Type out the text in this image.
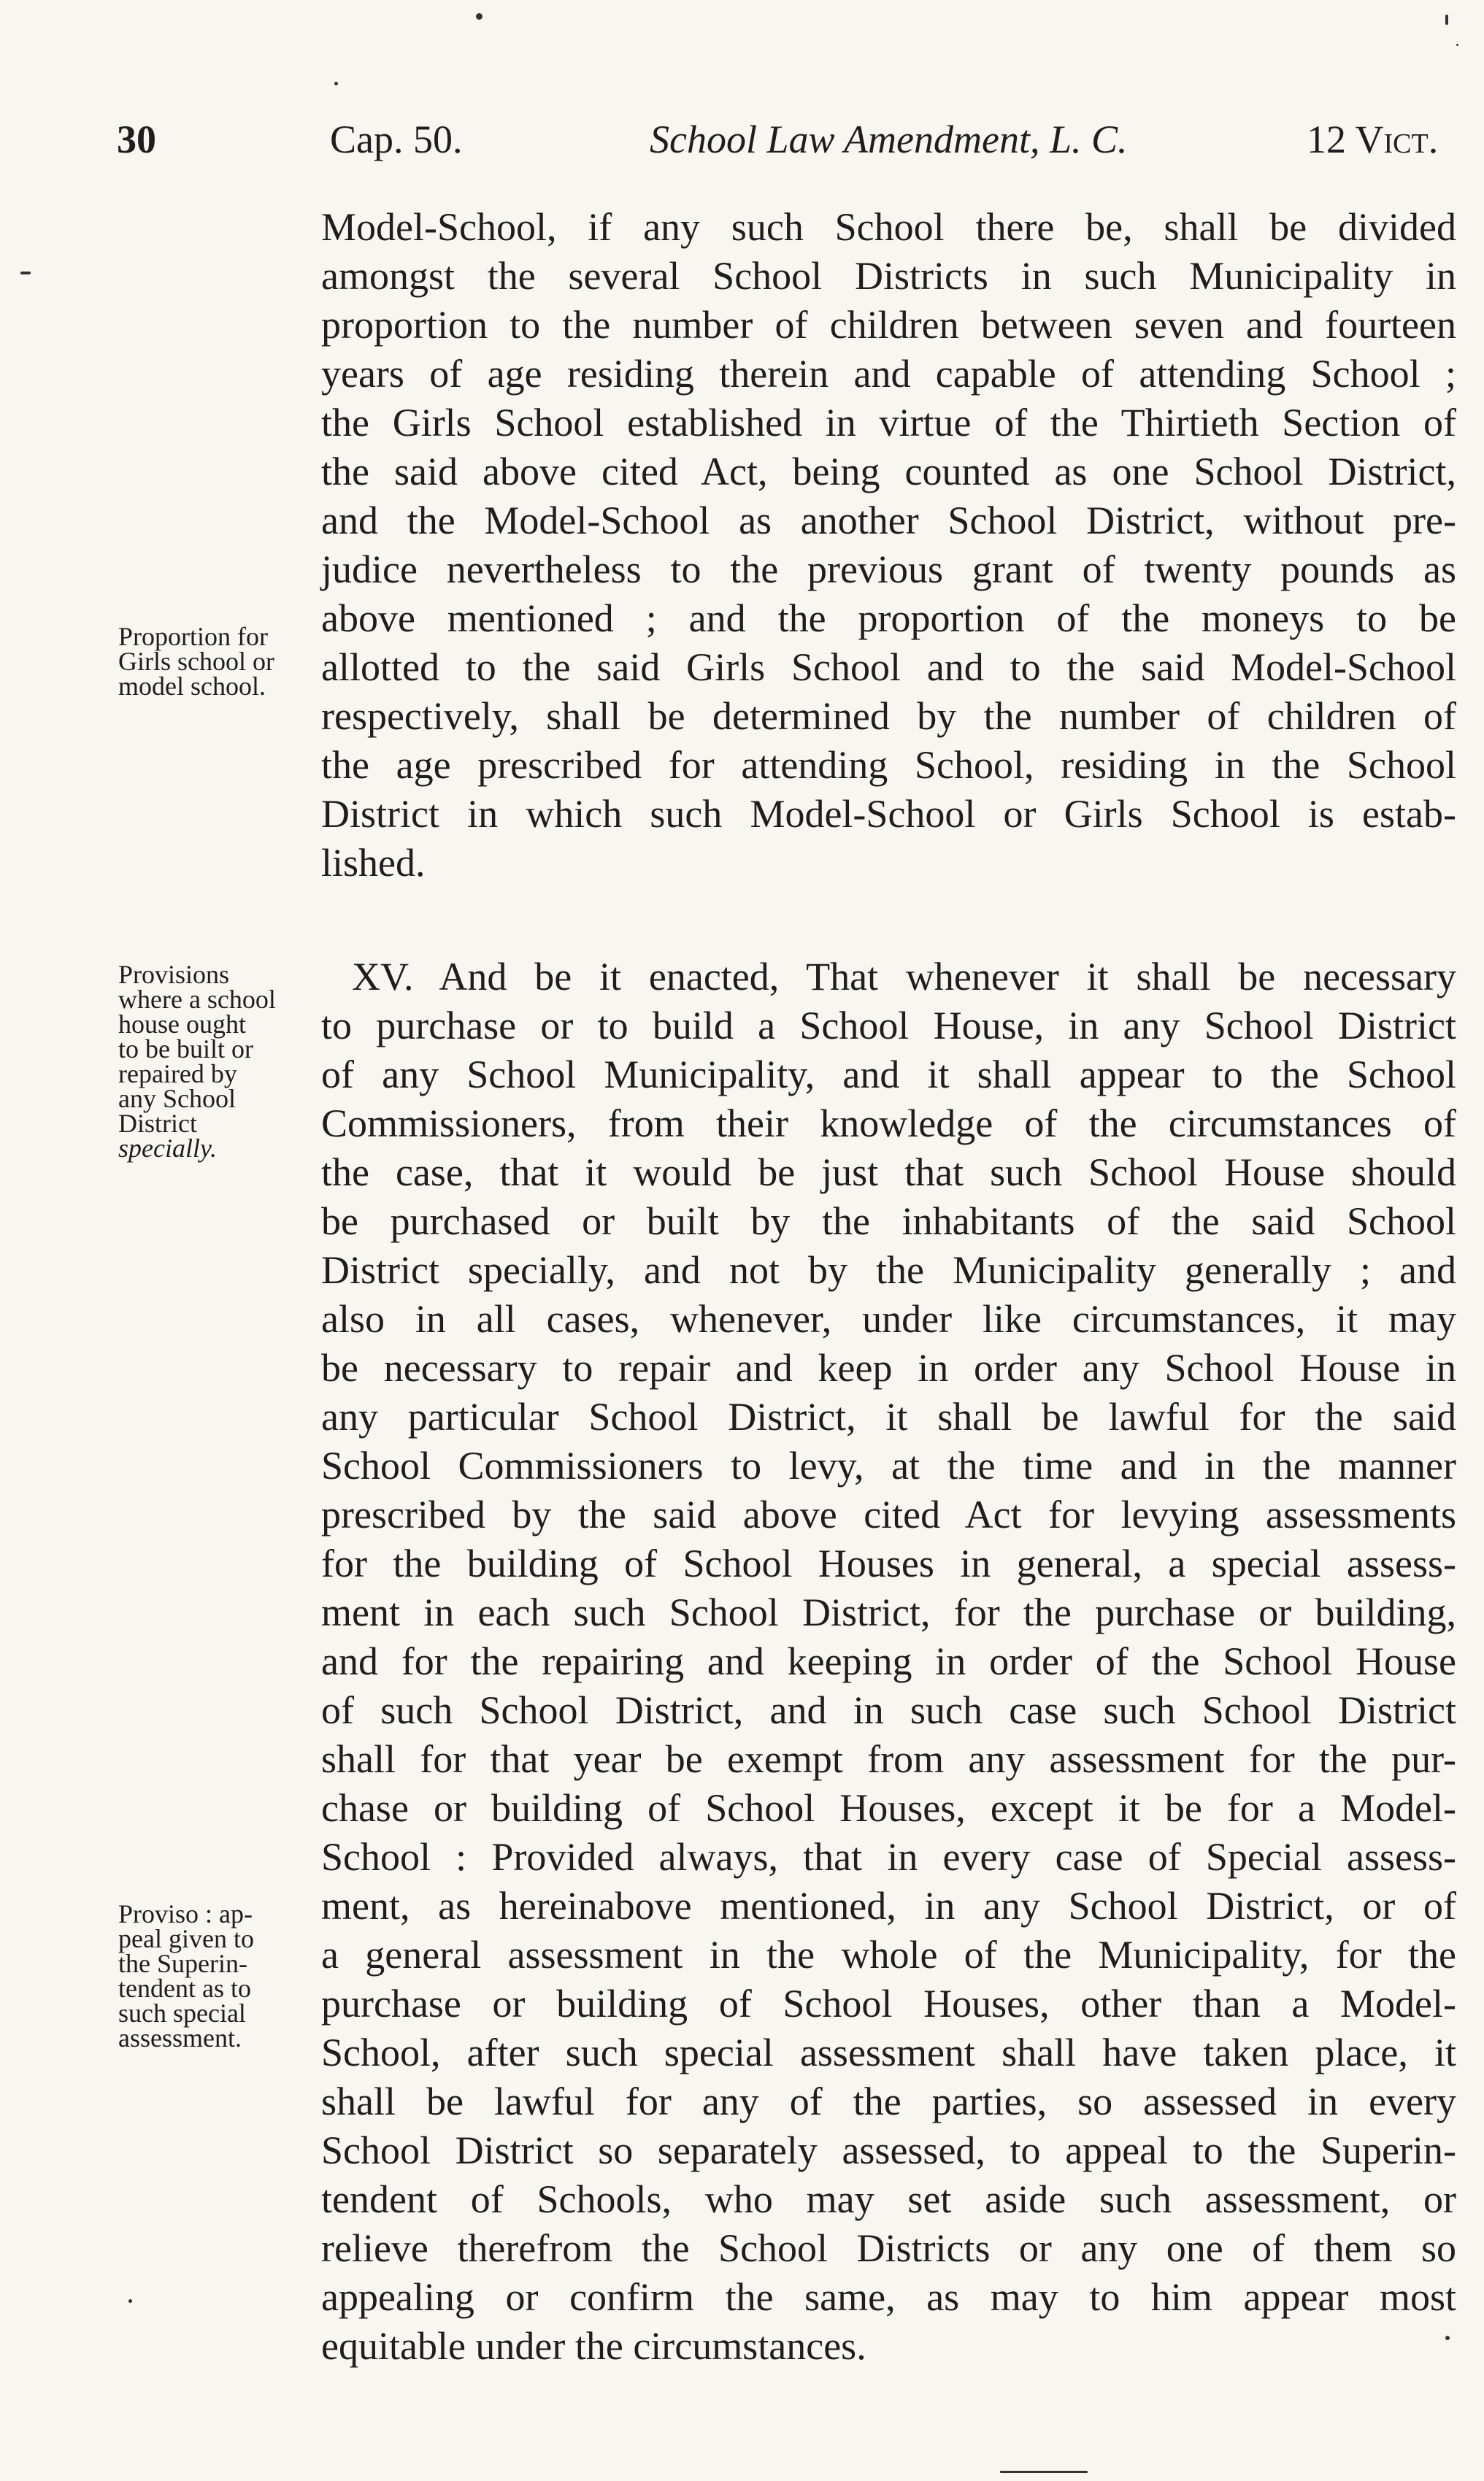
30	Cap. 50.	School Law Amendment, L. C.	12 Vict.
Model-School, if any such School there be, shall be divided
amongst the several School Districts in such Municipality in
proportion to the number of children between seven and fourteen
years of age residing therein and capable of attending School ;
the Girls School established in virtue of the Thirtieth Section of
the said above cited Act, being counted as one School District,
and the Model-School as another School District, without pre-
judice nevertheless to the previous grant of twenty pounds as
above mentioned ; and the proportion of the moneys to be
allotted to the said Girls School and to the said Model-School
respectively, shall be determined by the number of children of
the age prescribed for attending School, residing in the School
District in which such Model-School or Girls School is estab-
lished.
XV. And be it enacted, That whenever it shall be necessary
to purchase or to build a School House, in any School District
of any School Municipality, and it shall appear to the School
Commissioners, from their knowledge of the circumstances of
the case, that it would be just that such School House should
be purchased or built by the inhabitants of the said School
District specially, and not by the Municipality generally ; and
also in all cases, whenever, under like circumstances, it may
be necessary to repair and keep in order any School House in
any particular School District, it shall be lawful for the said
School Commissioners to levy, at the time and in the manner
prescribed by the said above cited Act for levying assessments
for the building of School Houses in general, a special assess-
ment in each such School District, for the purchase or building,
and for the repairing and keeping in order of the School House
of such School District, and in such case such School District
shall for that year be exempt from any assessment for the pur-
chase or building of School Houses, except it be for a Model-
School : Provided always, that in every case of Special assess-
ment, as hereinabove mentioned, in any School District, or of
a general assessment in the whole of the Municipality, for the
purchase or building of School Houses, other than a Model-
School, after such special assessment shall have taken place, it
shall be lawful for any of the parties, so assessed in every
School District so separately assessed, to appeal to the Superin-
tendent of Schools, who may set aside such assessment, or
relieve therefrom the School Districts or any one of them so
appealing or confirm the same, as may to him appear most
equitable under the circumstances.
Proportion for
Girls school or
model school.
Provisions
where a school
house ought
to be built or
repaired by
any School
District
specially.
Proviso : ap-
peal given to
the Superin-
tendent as to
such special
assessment.
